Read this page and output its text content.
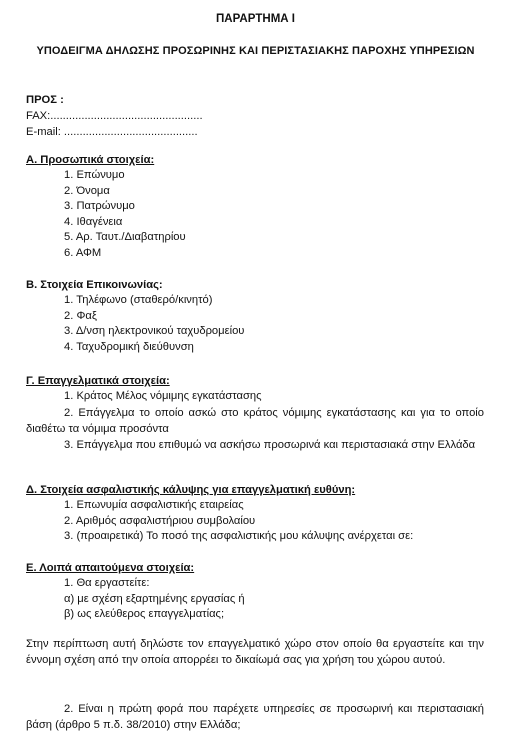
ΠΑΡΑΡΤΗΜΑ Ι
ΥΠΟΔΕΙΓΜΑ ΔΗΛΩΣΗΣ ΠΡΟΣΩΡΙΝΗΣ ΚΑΙ ΠΕΡΙΣΤΑΣΙΑΚΗΣ ΠΑΡΟΧΗΣ ΥΠΗΡΕΣΙΩΝ
ΠΡΟΣ :
FAX:.................................................
E-mail: ...........................................
Α. Προσωπικά στοιχεία:
1. Επώνυμο
2. Όνομα
3. Πατρώνυμο
4. Ιθαγένεια
5. Αρ. Ταυτ./Διαβατηρίου
6. ΑΦΜ
Β. Στοιχεία Επικοινωνίας:
1. Τηλέφωνο (σταθερό/κινητό)
2. Φαξ
3. Δ/νση ηλεκτρονικού ταχυδρομείου
4. Ταχυδρομική διεύθυνση
Γ. Επαγγελματικά στοιχεία:
1. Κράτος Μέλος νόμιμης εγκατάστασης
2. Επάγγελμα το οποίο ασκώ στο κράτος νόμιμης εγκατάστασης και για το οποίο διαθέτω τα νόμιμα προσόντα
3. Επάγγελμα που επιθυμώ να ασκήσω προσωρινά και περιστασιακά στην Ελλάδα
Δ. Στοιχεία ασφαλιστικής κάλυψης για επαγγελματική ευθύνη:
1. Επωνυμία ασφαλιστικής εταιρείας
2. Αριθμός ασφαλιστήριου συμβολαίου
3. (προαιρετικά) Το ποσό της ασφαλιστικής μου κάλυψης ανέρχεται σε:
Ε. Λοιπά απαιτούμενα στοιχεία:
1. Θα εργαστείτε:
α) με σχέση εξαρτημένης εργασίας ή
β) ως ελεύθερος επαγγελματίας;
Στην περίπτωση αυτή δηλώστε τον επαγγελματικό χώρο στον οποίο θα εργαστείτε και την έννομη σχέση από την οποία απορρέει το δικαίωμά σας για χρήση του χώρου αυτού.
2. Είναι η πρώτη φορά που παρέχετε υπηρεσίες σε προσωρινή και περιστασιακή βάση (άρθρο 5 π.δ. 38/2010) στην Ελλάδα;
